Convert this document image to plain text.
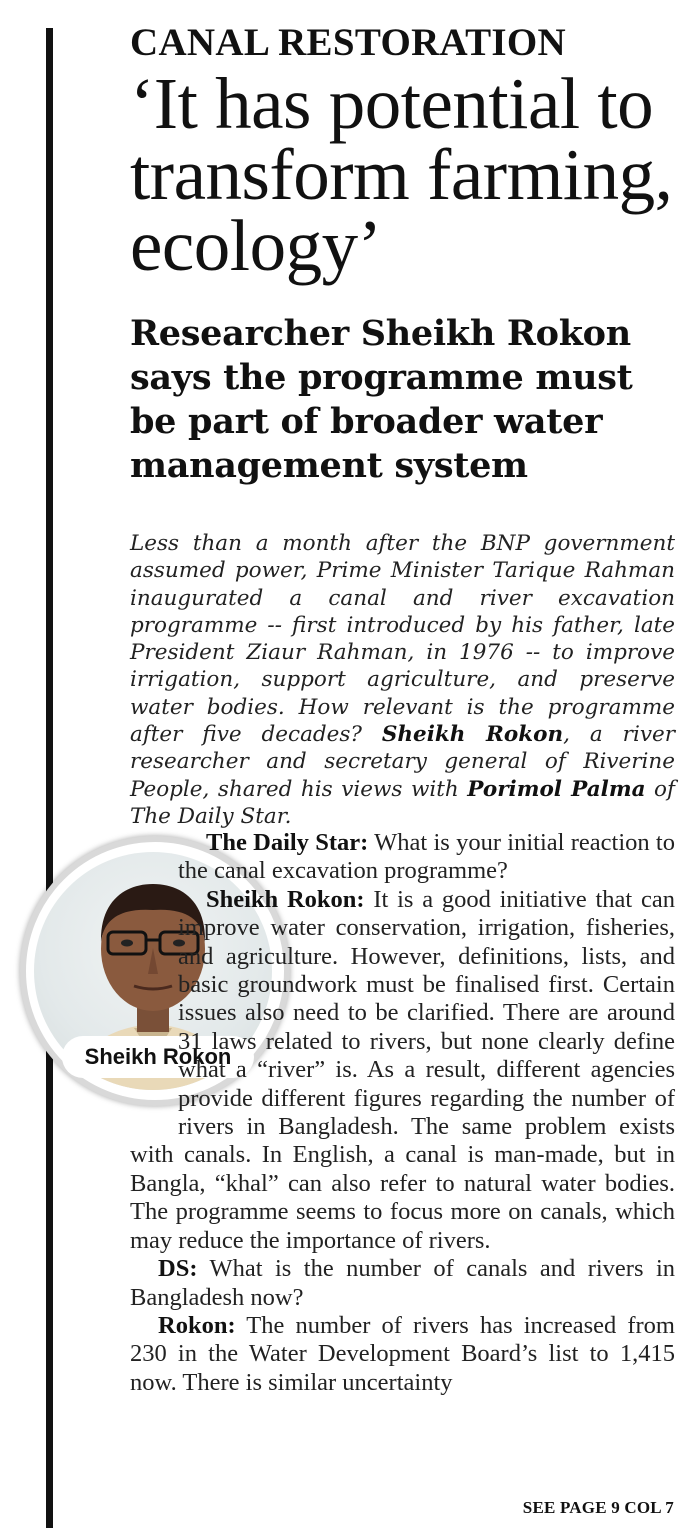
CANAL RESTORATION
‘It has potential to transform farming, ecology’
Researcher Sheikh Rokon says the programme must be part of broader water management system

Less than a month after the BNP government assumed power, Prime Minister Tarique Rahman inaugurated a canal and river excavation programme -- first introduced by his father, late President Ziaur Rahman, in 1976 -- to improve irrigation, support agriculture, and preserve water bodies. How relevant is the programme after five decades? Sheikh Rokon, a river researcher and secretary general of Riverine People, shared his views with Porimol Palma of The Daily Star.

Sheikh Rokon

The Daily Star: What is your initial reaction to the canal excavation programme?

Sheikh Rokon: It is a good initiative that can improve water conservation, irrigation, fisheries, and agriculture. However, definitions, lists, and basic groundwork must be finalised first. Certain issues also need to be clarified. There are around 31 laws related to rivers, but none clearly define what a “river” is. As a result, different agencies provide different figures regarding the number of rivers in Bangladesh. The same problem exists with canals. In English, a canal is man-made, but in Bangla, “khal” can also refer to natural water bodies. The programme seems to focus more on canals, which may reduce the importance of rivers.

DS: What is the number of canals and rivers in Bangladesh now?

Rokon: The number of rivers has increased from 230 in the Water Development Board’s list to 1,415 now. There is similar uncertainty

SEE PAGE 9 COL 7
